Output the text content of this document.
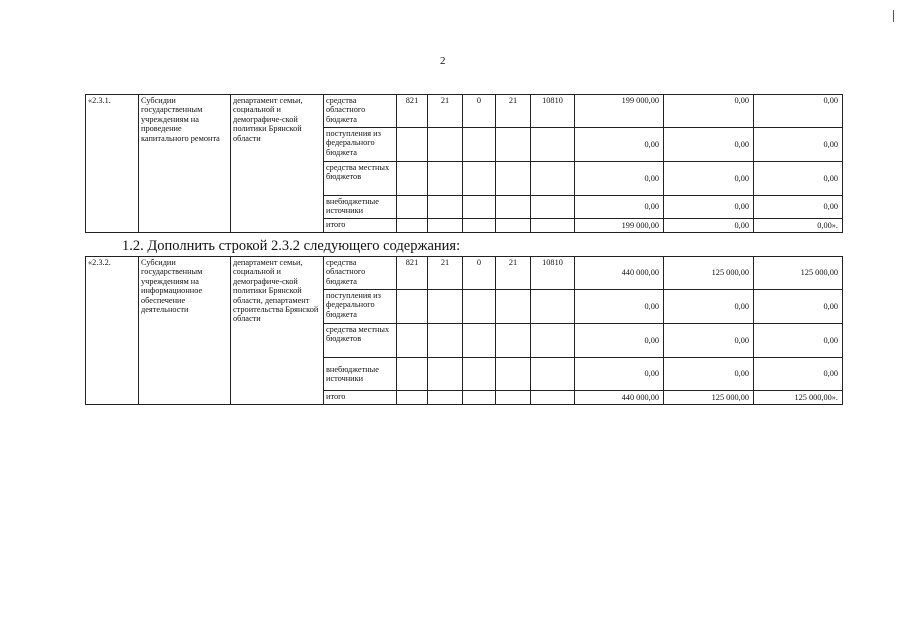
2
«2.3.1.	Субсидии государственным учреждениям на проведение капитального ремонта	департамент семьи, социальной и демографиче-ской политики Брянской области	средства областного бюджета	821	21	0	21	10810	199 000,00	0,00	0,00
			поступления из федерального бюджета						0,00	0,00	0,00
			средства местных бюджетов						0,00	0,00	0,00
			внебюджетные источники						0,00	0,00	0,00
			итого						199 000,00	0,00	0,00».
1.2. Дополнить строкой 2.3.2 следующего содержания:
«2.3.2.	Субсидии государственным учреждениям на информационное обеспечение деятельности	департамент семьи, социальной и демографиче-ской политики Брянской области, департамент строительства Брянской области	средства областного бюджета	821	21	0	21	10810	440 000,00	125 000,00	125 000,00
			поступления из федерального бюджета						0,00	0,00	0,00
			средства местных бюджетов						0,00	0,00	0,00
			внебюджетные источники						0,00	0,00	0,00
			итого						440 000,00	125 000,00	125 000,00».
